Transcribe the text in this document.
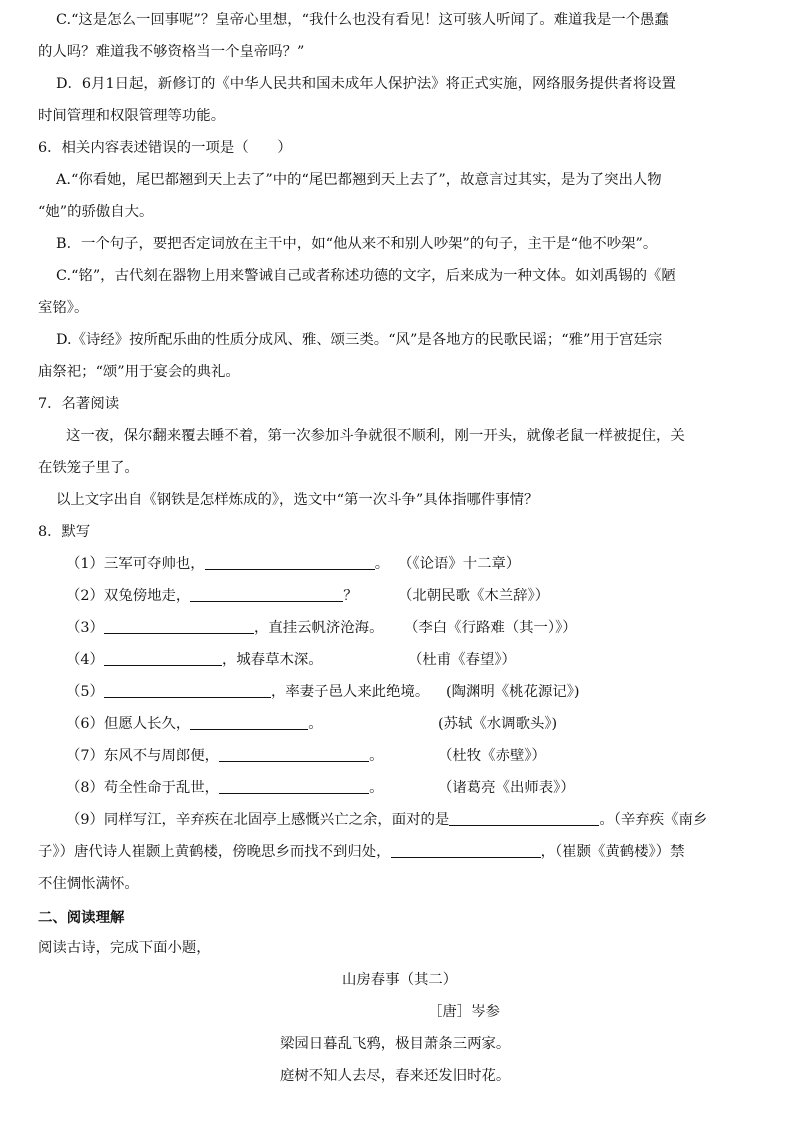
C.“这是怎么一回事呢”？皇帝心里想，“我什么也没有看见！这可骇人听闻了。难道我是一个愚蠢
的人吗？难道我不够资格当一个皇帝吗？”
D．6月1日起，新修订的《中华人民共和国未成年人保护法》将正式实施，网络服务提供者将设置
时间管理和权限管理等功能。
6．相关内容表述错误的一项是（　　）
A.“你看她，尾巴都翘到天上去了”中的“尾巴都翘到天上去了”，故意言过其实，是为了突出人物
“她”的骄傲自大。
B．一个句子，要把否定词放在主干中，如“他从来不和别人吵架”的句子，主干是“他不吵架”。
C.“铭”，古代刻在器物上用来警诫自己或者称述功德的文字，后来成为一种文体。如刘禹锡的《陋
室铭》。
D.《诗经》按所配乐曲的性质分成风、雅、颂三类。“风”是各地方的民歌民谣；“雅”用于宫廷宗
庙祭祀；“颂”用于宴会的典礼。
7．名著阅读
这一夜，保尔翻来覆去睡不着，第一次参加斗争就很不顺利，刚一开头，就像老鼠一样被捉住，关
在铁笼子里了。
以上文字出自《钢铁是怎样炼成的》，选文中“第一次斗争”具体指哪件事情？
8．默写
（1）三军可夺帅也，	。 （《论语》十二章）
（2）双兔傍地走，	？	（北朝民歌《木兰辞》）
（3）	，直挂云帆济沧海。 （李白《行路难（其一）》）
（4）	，城春草木深。	（杜甫《春望》）
（5）	，率妻子邑人来此绝境。 (陶渊明《桃花源记》)
（6）但愿人长久，	。	(苏轼《水调歌头》)
（7）东风不与周郎便，	。	（杜牧《赤壁》）
（8）苟全性命于乱世，	。	（诸葛亮《出师表》）
（9）同样写江，辛弃疾在北固亭上感慨兴亡之余，面对的是	。（辛弃疾《南乡
子》）唐代诗人崔颢上黄鹤楼，傍晚思乡而找不到归处，	，（崔颢《黄鹤楼》）禁
不住惆怅满怀。
二、阅读理解
阅读古诗，完成下面小题，
山房春事（其二）
［唐］岑参
梁园日暮乱飞鸦，极目萧条三两家。
庭树不知人去尽，春来还发旧时花。
